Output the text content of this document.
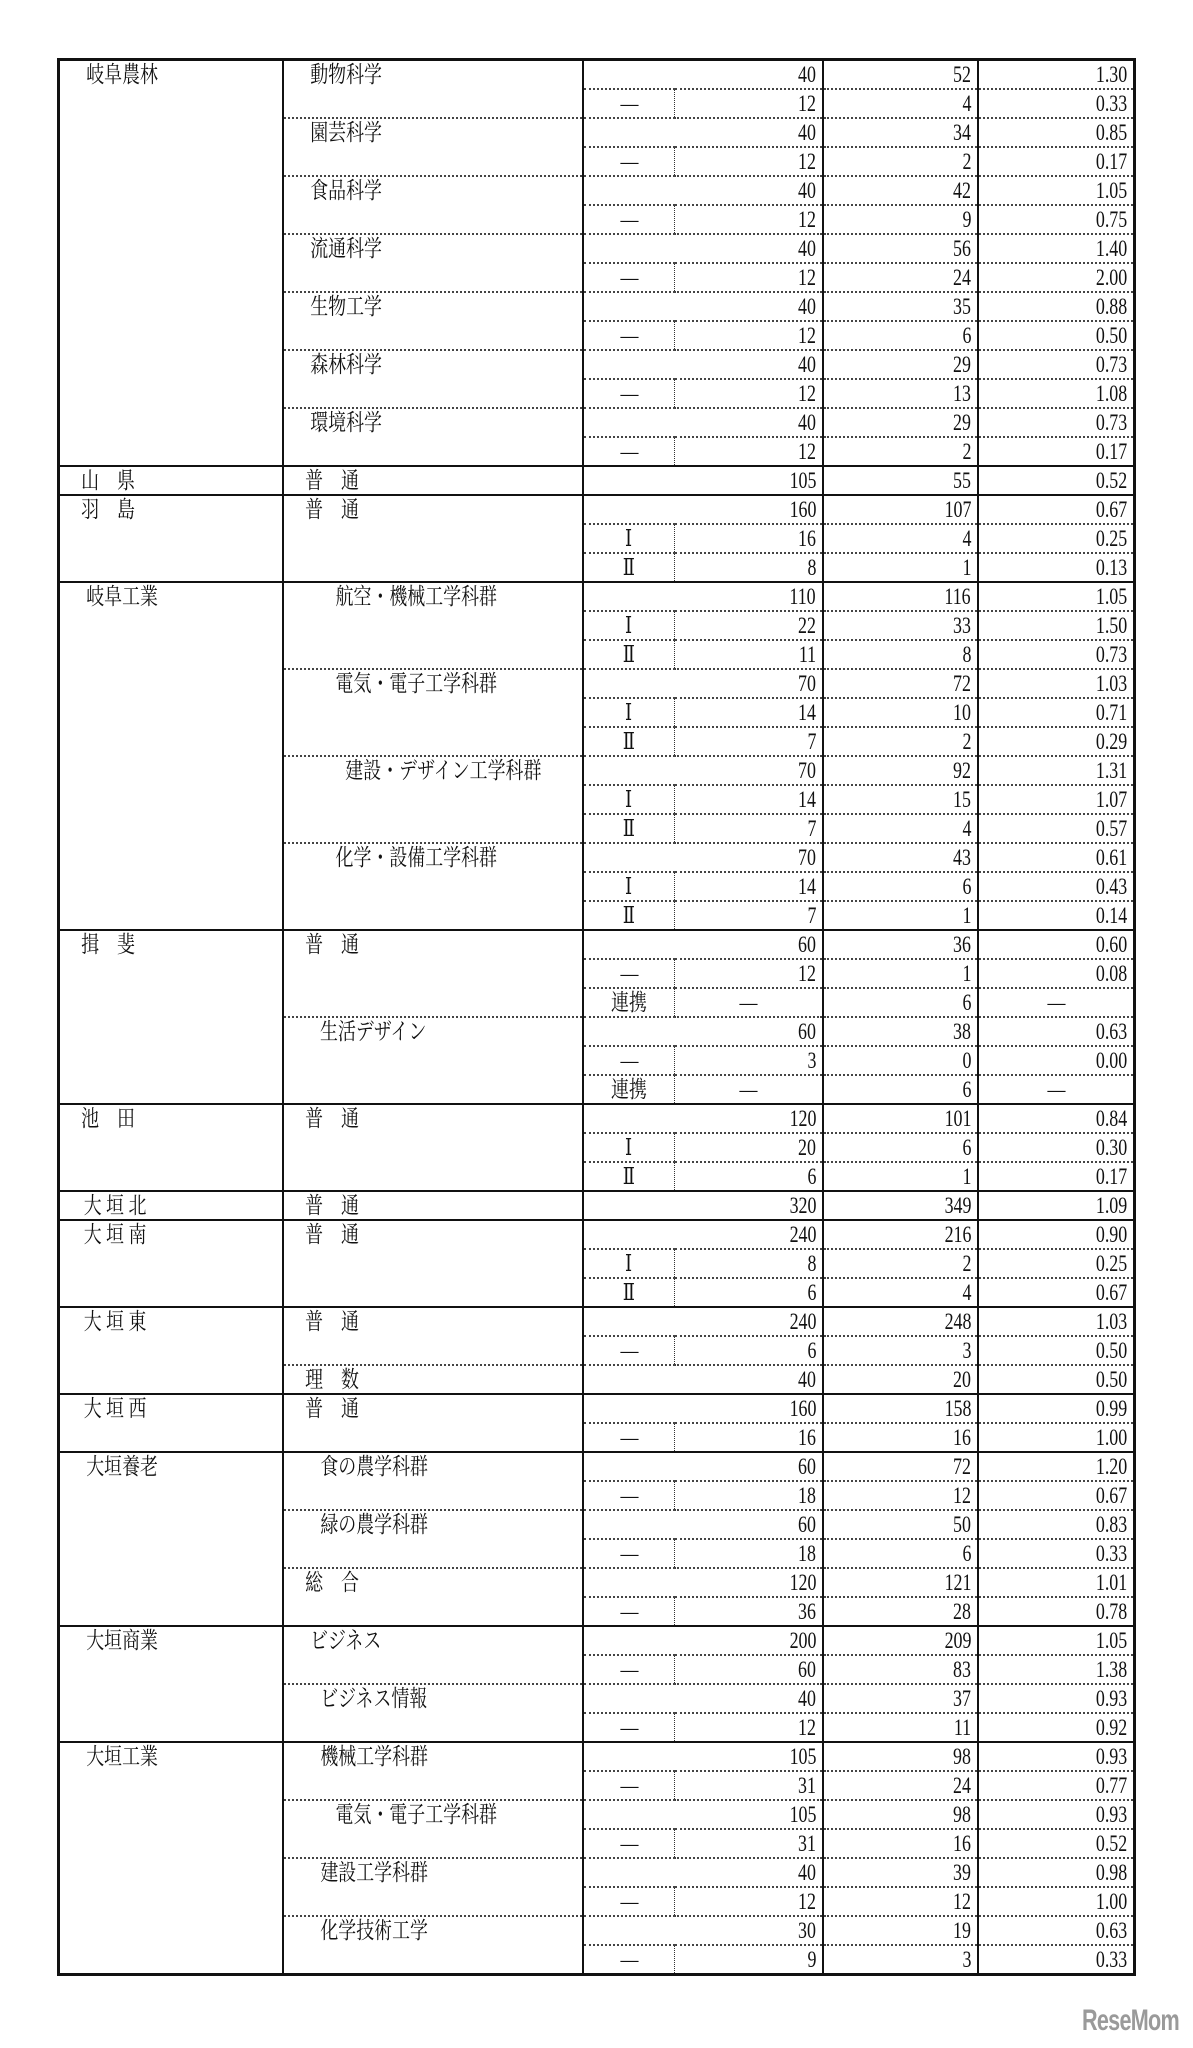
岐阜農林	動物科学	40		52	1.30
		—	12	4	0.33
	園芸科学	40		34	0.85
		—	12	2	0.17
	食品科学	40		42	1.05
		—	12	9	0.75
	流通科学	40		56	1.40
		—	12	24	2.00
	生物工学	40		35	0.88
		—	12	6	0.50
	森林科学	40		29	0.73
		—	12	13	1.08
	環境科学	40		29	0.73
		—	12	2	0.17
山　県	普　通	105		55	0.52
羽　島	普　通	160		107	0.67
		Ⅰ	16	4	0.25
		Ⅱ	8	1	0.13
岐阜工業	航空・機械工学科群	110		116	1.05
		Ⅰ	22	33	1.50
		Ⅱ	11	8	0.73
	電気・電子工学科群	70		72	1.03
		Ⅰ	14	10	0.71
		Ⅱ	7	2	0.29
	建設・デザイン工学科群	70		92	1.31
		Ⅰ	14	15	1.07
		Ⅱ	7	4	0.57
	化学・設備工学科群	70		43	0.61
		Ⅰ	14	6	0.43
		Ⅱ	7	1	0.14
揖　斐	普　通	60		36	0.60
		—	12	1	0.08
		連携	—	6	—
	生活デザイン	60		38	0.63
		—	3	0	0.00
		連携	—	6	—
池　田	普　通	120		101	0.84
		Ⅰ	20	6	0.30
		Ⅱ	6	1	0.17
大 垣 北	普　通	320		349	1.09
大 垣 南	普　通	240		216	0.90
		Ⅰ	8	2	0.25
		Ⅱ	6	4	0.67
大 垣 東	普　通	240		248	1.03
		—	6	3	0.50
	理　数	40		20	0.50
大 垣 西	普　通	160		158	0.99
		—	16	16	1.00
大垣養老	食の農学科群	60		72	1.20
		—	18	12	0.67
	緑の農学科群	60		50	0.83
		—	18	6	0.33
	総　合	120		121	1.01
		—	36	28	0.78
大垣商業	ビジネス	200		209	1.05
		—	60	83	1.38
	ビジネス情報	40		37	0.93
		—	12	11	0.92
大垣工業	機械工学科群	105		98	0.93
		—	31	24	0.77
	電気・電子工学科群	105		98	0.93
		—	31	16	0.52
	建設工学科群	40		39	0.98
		—	12	12	1.00
	化学技術工学	30		19	0.63
		—	9	3	0.33
ReseMom
